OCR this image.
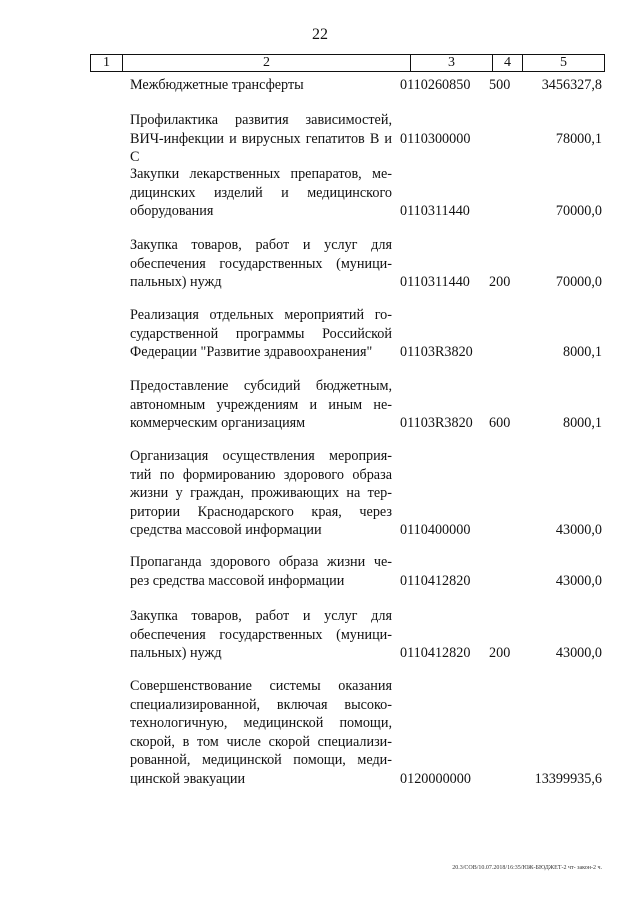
22
1	2	3	4	5
Межбюджетные трансферты	0110260850	500	3456327,8
Профилактика развития зависимостей,
ВИЧ-инфекции и вирусных гепатитов В и С
0110300000	78000,1
Закупки лекарственных препаратов, ме-
дицинских изделий и медицинского
оборудования	0110311440	70000,0
Закупка товаров, работ и услуг для
обеспечения государственных (муници-
пальных) нужд	0110311440	200	70000,0
Реализация отдельных мероприятий го-
сударственной программы Российской
Федерации "Развитие здравоохранения"	01103R3820	8000,1
Предоставление субсидий бюджетным,
автономным учреждениям и иным не-
коммерческим организациям	01103R3820	600	8000,1
Организация осуществления мероприя-
тий по формированию здорового образа
жизни у граждан, проживающих на тер-
ритории Краснодарского края, через
средства массовой информации	0110400000	43000,0
Пропаганда здорового образа жизни че-
рез средства массовой информации	0110412820	43000,0
Закупка товаров, работ и услуг для
обеспечения государственных (муници-
пальных) нужд	0110412820	200	43000,0
Совершенствование системы оказания
специализированной, включая высоко-
технологичную, медицинской помощи,
скорой, в том числе скорой специализи-
рованной, медицинской помощи, меди-
цинской эвакуации	0120000000	13399935,6
20.3/СОВ/10.07.2018/16:35/ЮЖ-БЮДЖЕТ-2 чт- закон-2 ч.
